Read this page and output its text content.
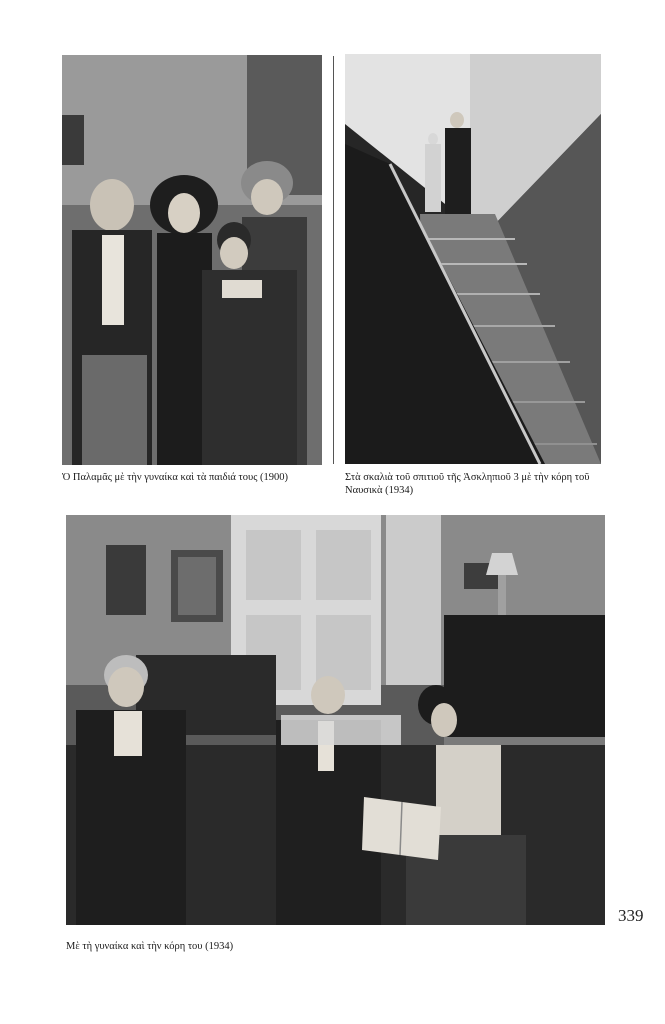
Ὁ Παλαμᾶς μὲ τὴν γυναίκα καὶ τὰ παιδιά τους (1900)	Στὰ σκαλιὰ τοῦ σπιτιοῦ τῆς Ἀσκληπιοῦ 3 μὲ τὴν κόρη τοῦ Ναυσικὰ (1934)
Μὲ τὴ γυναίκα καὶ τὴν κόρη του (1934)
339
